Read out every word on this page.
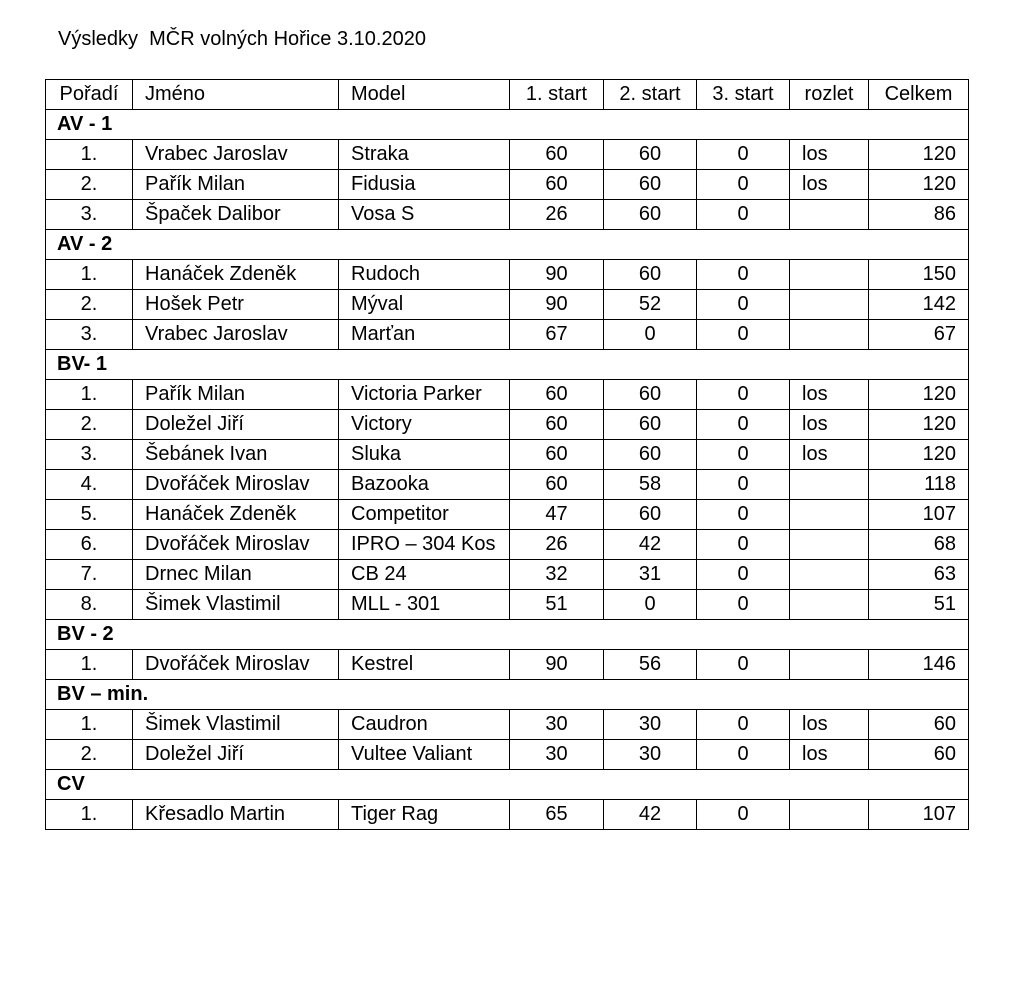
Výsledky  MČR volných Hořice 3.10.2020
Pořadí	Jméno	Model	1. start	2. start	3. start	rozlet	Celkem
AV - 1							
1.	Vrabec Jaroslav	Straka	60	60	0	los	120
2.	Pařík Milan	Fidusia	60	60	0	los	120
3.	Špaček Dalibor	Vosa S	26	60	0		86
AV - 2							
1.	Hanáček Zdeněk	Rudoch	90	60	0		150
2.	Hošek Petr	Mýval	90	52	0		142
3.	Vrabec Jaroslav	Marťan	67	0	0		67
BV- 1							
1.	Pařík Milan	Victoria Parker	60	60	0	los	120
2.	Doležel Jiří	Victory	60	60	0	los	120
3.	Šebánek Ivan	Sluka	60	60	0	los	120
4.	Dvořáček Miroslav	Bazooka	60	58	0		118
5.	Hanáček Zdeněk	Competitor	47	60	0		107
6.	Dvořáček Miroslav	IPRO – 304 Kos	26	42	0		68
7.	Drnec Milan	CB 24	32	31	0		63
8.	Šimek Vlastimil	MLL - 301	51	0	0		51
BV - 2							
1.	Dvořáček Miroslav	Kestrel	90	56	0		146
BV – min.							
1.	Šimek Vlastimil	Caudron	30	30	0	los	60
2.	Doležel Jiří	Vultee Valiant	30	30	0	los	60
CV							
1.	Křesadlo Martin	Tiger Rag	65	42	0		107
